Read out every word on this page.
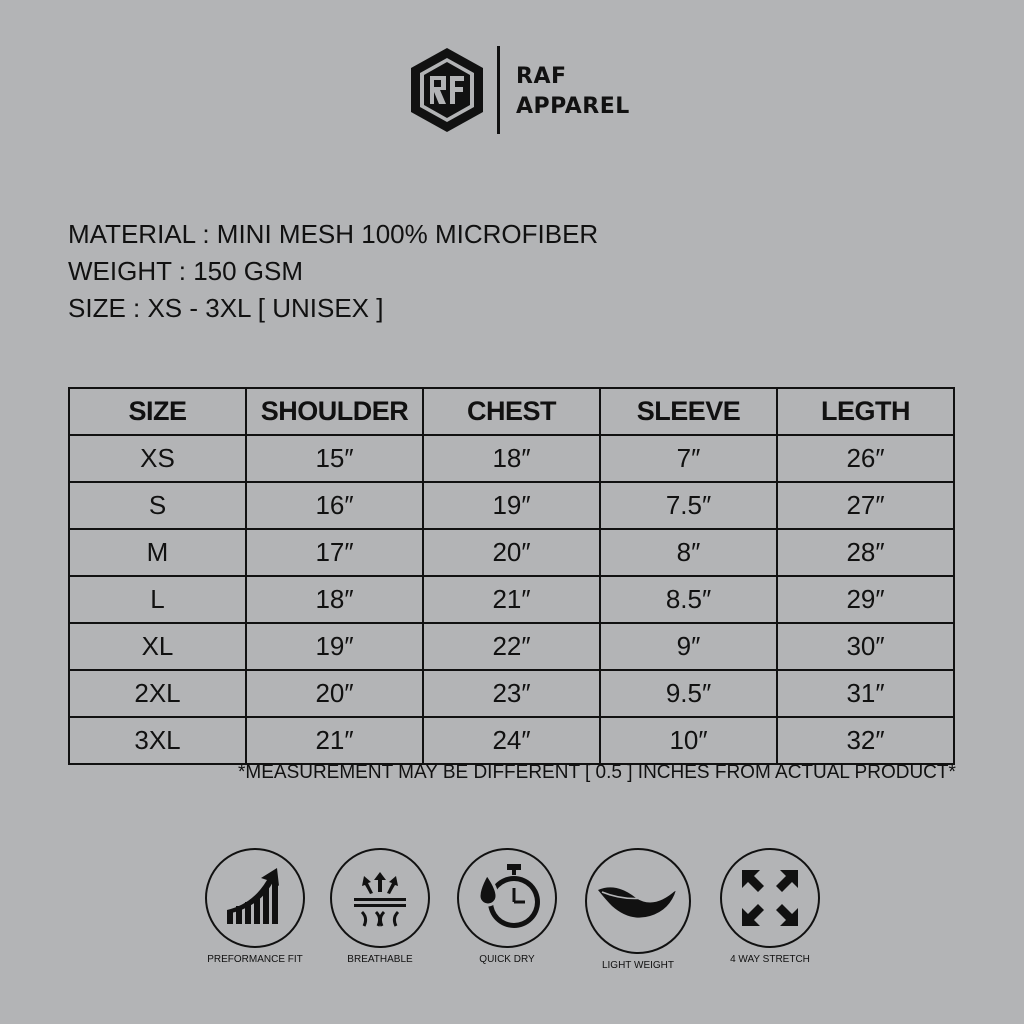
RAF
APPAREL
MATERIAL : MINI MESH 100% MICROFIBER
WEIGHT : 150 GSM
SIZE : XS - 3XL [ UNISEX ]
SIZE	SHOULDER	CHEST	SLEEVE	LEGTH
XS	15″	18″	7″	26″
S	16″	19″	7.5″	27″
M	17″	20″	8″	28″
L	18″	21″	8.5″	29″
XL	19″	22″	9″	30″
2XL	20″	23″	9.5″	31″
3XL	21″	24″	10″	32″
*MEASUREMENT MAY BE DIFFERENT [ 0.5 ] INCHES FROM ACTUAL PRODUCT*
PREFORMANCE FIT	BREATHABLE	QUICK DRY
LIGHT WEIGHT
4 WAY STRETCH
